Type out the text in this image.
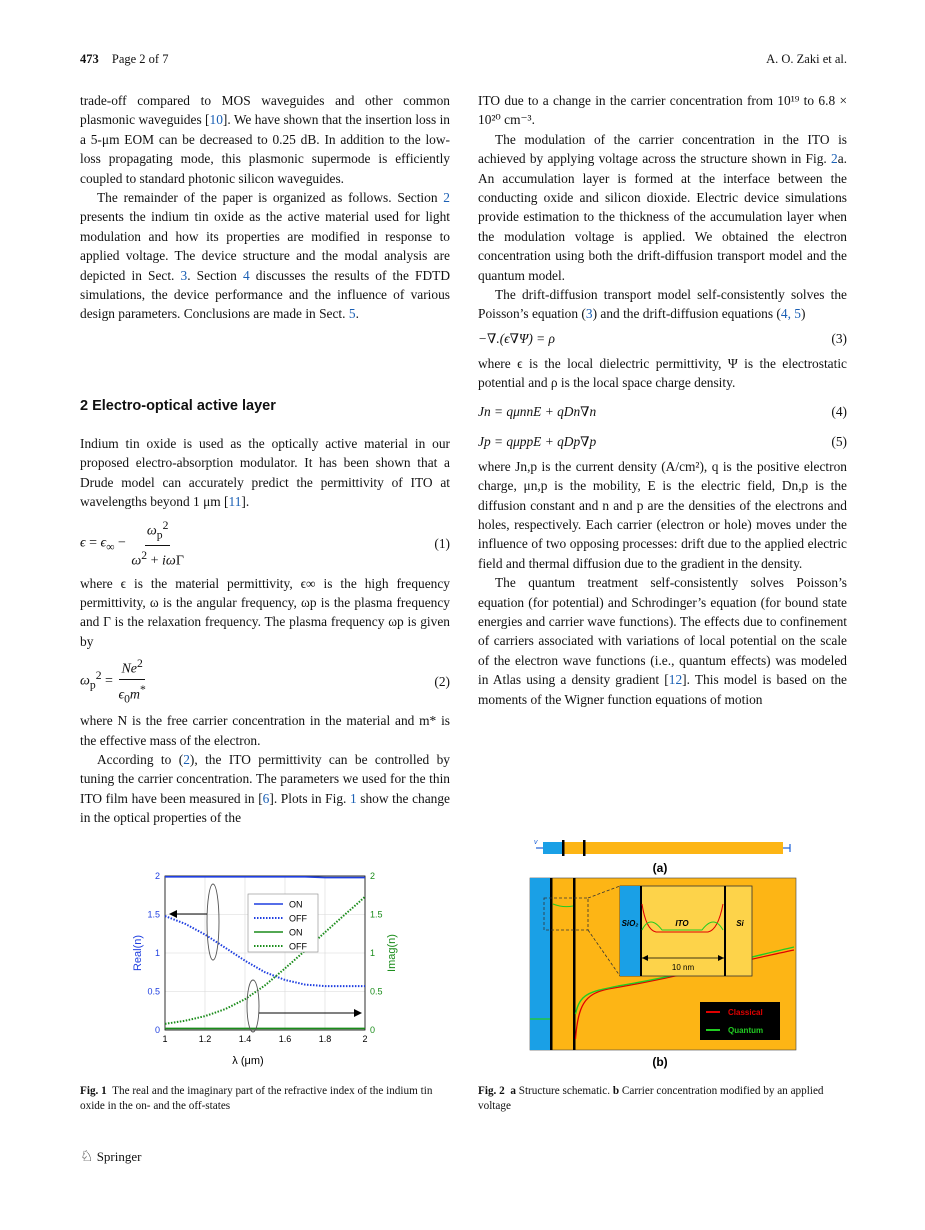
473 Page 2 of 7	A. O. Zaki et al.

trade-off compared to MOS waveguides and other common plasmonic waveguides [10]. We have shown that the insertion loss in a 5-μm EOM can be decreased to 0.25 dB. In addition to the low-loss propagating mode, this plasmonic supermode is efficiently coupled to standard photonic silicon waveguides.

The remainder of the paper is organized as follows. Section 2 presents the indium tin oxide as the active material used for light modulation and how its properties are modified in response to applied voltage. The device structure and the modal analysis are depicted in Sect. 3. Section 4 discusses the results of the FDTD simulations, the device performance and the influence of various design parameters. Conclusions are made in Sect. 5.

2 Electro-optical active layer

Indium tin oxide is used as the optically active material in our proposed electro-absorption modulator. It has been shown that a Drude model can accurately predict the permittivity of ITO at wavelengths beyond 1 μm [11].

$\epsilon = \epsilon_\infty - \frac{\omega_p^2}{\omega^2 + i\omega\Gamma}$	(1)

where ϵ is the material permittivity, ϵ∞ is the high frequency permittivity, ω is the angular frequency, ωp is the plasma frequency and Γ is the relaxation frequency. The plasma frequency ωp is given by

$\omega_p^2 = \frac{Ne^2}{\epsilon_0m^*}$	(2)

where N is the free carrier concentration in the material and m* is the effective mass of the electron.

According to (2), the ITO permittivity can be controlled by tuning the carrier concentration. The parameters we used for the thin ITO film have been measured in [6]. Plots in Fig. 1 show the change in the optical properties of the

ITO due to a change in the carrier concentration from 10¹⁹ to 6.8 × 10²⁰ cm⁻³.

The modulation of the carrier concentration in the ITO is achieved by applying voltage across the structure shown in Fig. 2a. An accumulation layer is formed at the interface between the conducting oxide and silicon dioxide. Electric device simulations provide estimation to the thickness of the accumulation layer when the modulation voltage is applied. We obtained the electron concentration using both the drift-diffusion transport model and the quantum model.

The drift-diffusion transport model self-consistently solves the Poisson’s equation (3) and the drift-diffusion equations (4, 5)

−∇.(ϵ∇Ψ) = ρ	(3)

where ϵ is the local dielectric permittivity, Ψ is the electrostatic potential and ρ is the local space charge density.

Jn = qμnnE + qDn∇n	(4)
Jp = qμppE + qDp∇p	(5)

where Jn,p is the current density (A/cm²), q is the positive electron charge, μn,p is the mobility, E is the electric field, Dn,p is the diffusion constant and n and p are the densities of the electrons and holes, respectively. Each carrier (electron or hole) moves under the influence of two opposing processes: drift due to the applied electric field and thermal diffusion due to the gradient in the density.

The quantum treatment self-consistently solves Poisson’s equation (for potential) and Schrodinger’s equation (for bound state energies and carrier wave functions). The effects due to confinement of carriers associated with variations of local potential on the scale of the electron wave functions (i.e., quantum effects) was modeled in Atlas using a density gradient [12]. This model is based on the moments of the Wigner function equations of motion

1	1.2	1.4	1.6	1.8	2
0
0.5
1
1.5
2
0
0.5
1
1.5
2
ON
OFF
ON
OFF
λ (μm)
Real(n)	Imag(n)
Fig. 1 The real and the imaginary part of the refractive index of the indium tin oxide in the on- and the off-states
v
(a)
SiO₂	ITO	Si
10 nm
Classical
Quantum
(b)
Fig. 2 a Structure schematic. b Carrier concentration modified by an applied voltage
♘ Springer
